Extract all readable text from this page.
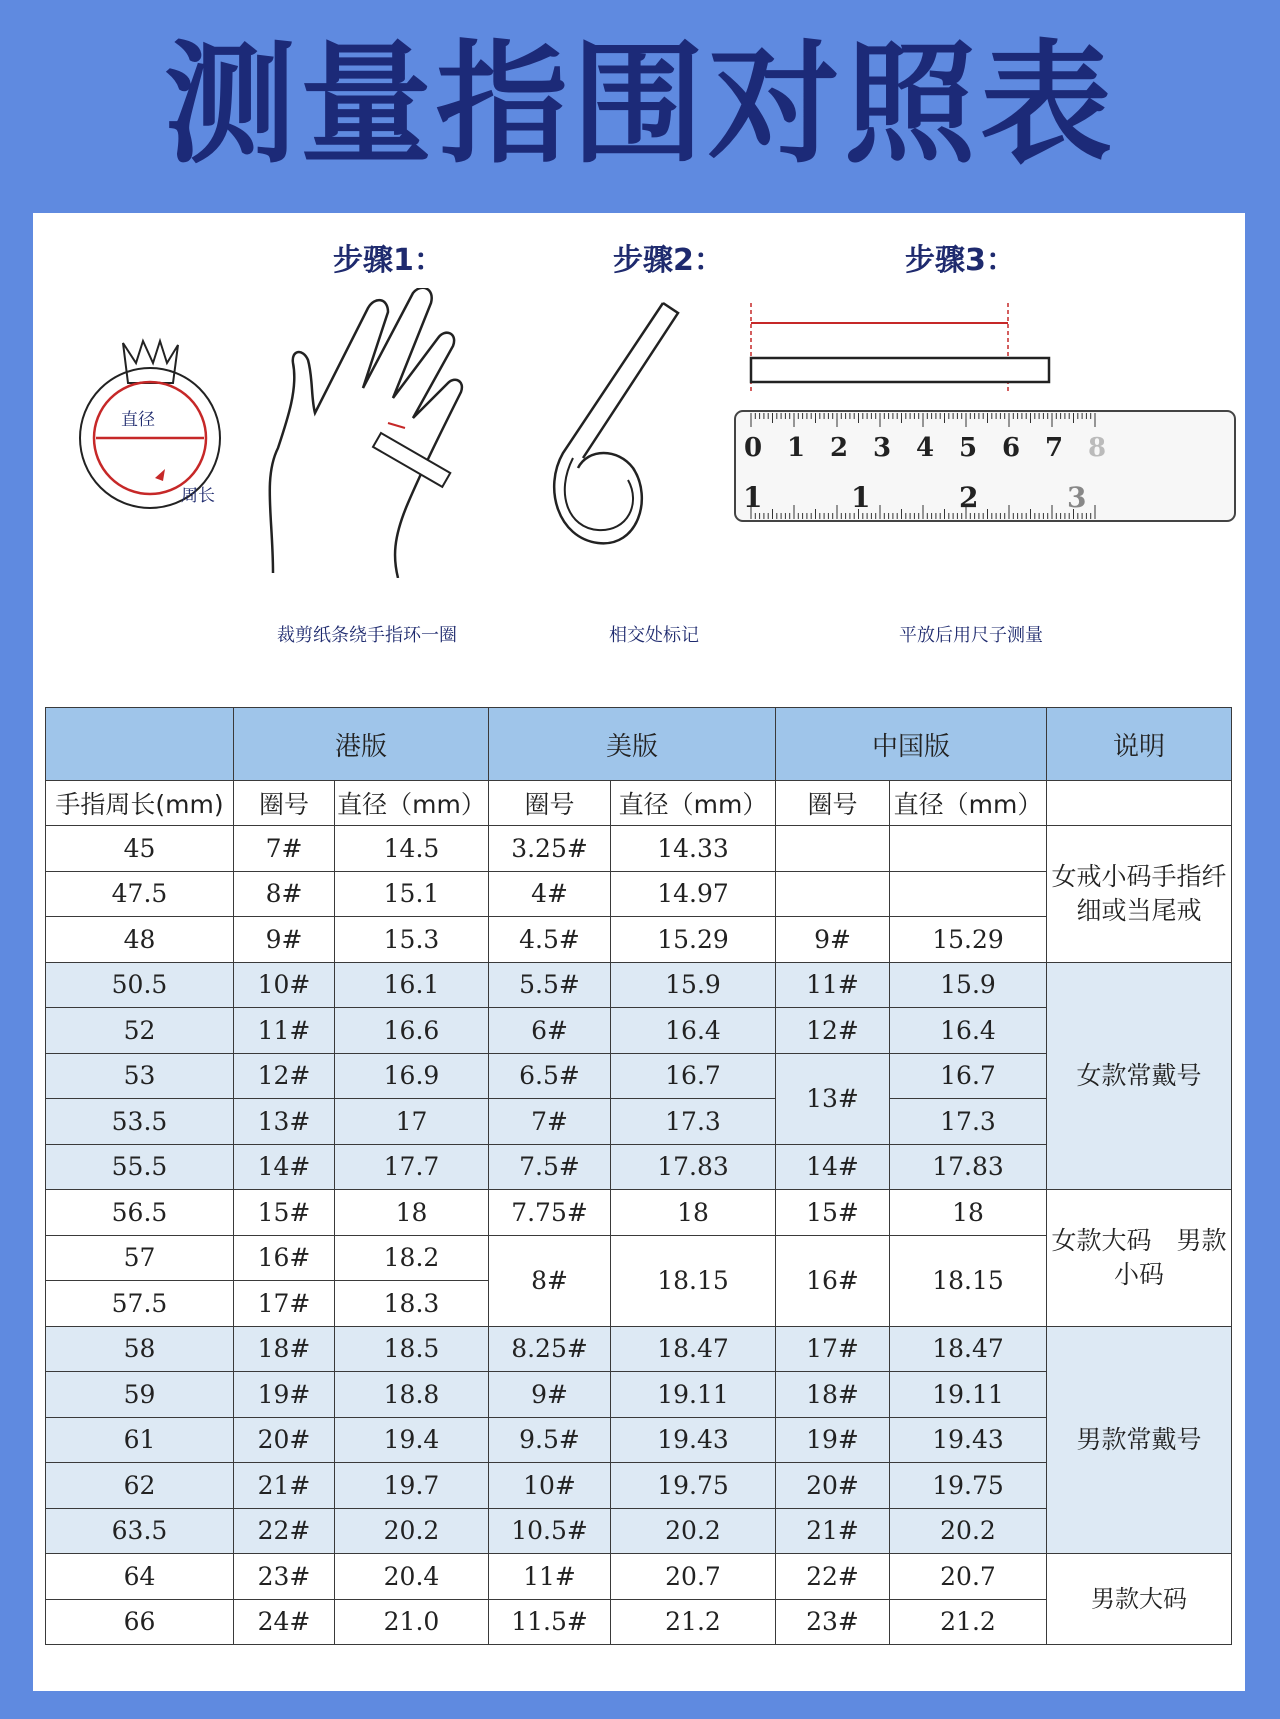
测量指围对照表
步骤1：	步骤2：	步骤3：
直径
周长
0 1 2 3 4 5 6 7 8
1	1	2	3
裁剪纸条绕手指环一圈	相交处标记	平放后用尺子测量
	港版		美版		中国版		说明
手指周长(mm)	圈号	直径（mm）	圈号	直径（mm）	圈号	直径（mm）	
45	7#	14.5	3.25#	14.33			女戒小码手指纤细或当尾戒
47.5	8#	15.1	4#	14.97			
48	9#	15.3	4.5#	15.29	9#	15.29	
50.5	10#	16.1	5.5#	15.9	11#	15.9	女款常戴号
52	11#	16.6	6#	16.4	12#	16.4	
53	12#	16.9	6.5#	16.7	13#	16.7	
53.5	13#	17	7#	17.3		17.3	
55.5	14#	17.7	7.5#	17.83	14#	17.83	
56.5	15#	18	7.75#	18	15#	18	女款大码　男款小码
57	16#	18.2	8#	18.15	16#	18.15	
57.5	17#	18.3					
58	18#	18.5	8.25#	18.47	17#	18.47	男款常戴号
59	19#	18.8	9#	19.11	18#	19.11	
61	20#	19.4	9.5#	19.43	19#	19.43	
62	21#	19.7	10#	19.75	20#	19.75	
63.5	22#	20.2	10.5#	20.2	21#	20.2	
64	23#	20.4	11#	20.7	22#	20.7	男款大码
66	24#	21.0	11.5#	21.2	23#	21.2	
